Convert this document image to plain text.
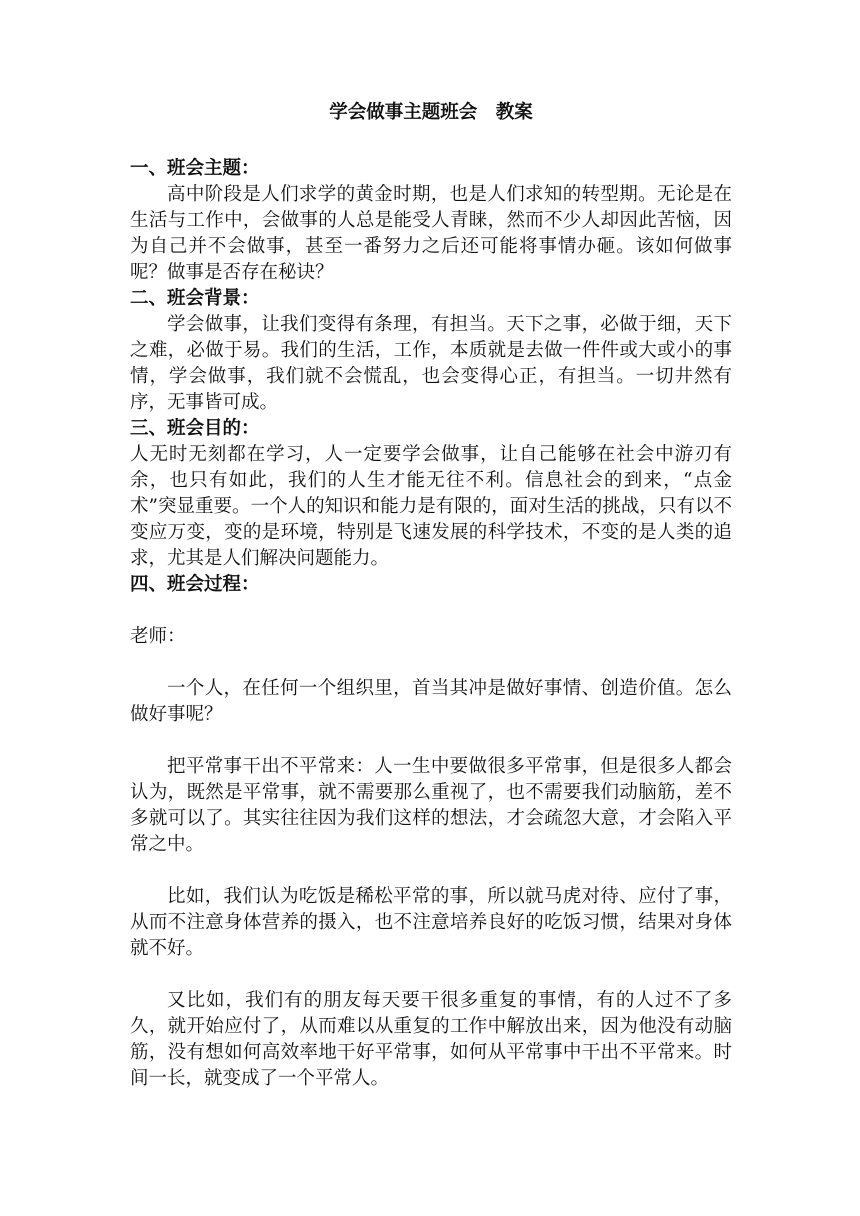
学会做事主题班会　教案
一、班会主题：

高中阶段是人们求学的黄金时期，也是人们求知的转型期。无论是在生活与工作中，会做事的人总是能受人青睐，然而不少人却因此苦恼，因为自己并不会做事，甚至一番努力之后还可能将事情办砸。该如何做事呢？做事是否存在秘诀？

二、班会背景：

学会做事，让我们变得有条理，有担当。天下之事，必做于细，天下之难，必做于易。我们的生活，工作，本质就是去做一件件或大或小的事情，学会做事，我们就不会慌乱，也会变得心正，有担当。一切井然有序，无事皆可成。

三、班会目的：

人无时无刻都在学习，人一定要学会做事，让自己能够在社会中游刃有余，也只有如此，我们的人生才能无往不利。信息社会的到来，“点金术”突显重要。一个人的知识和能力是有限的，面对生活的挑战，只有以不变应万变，变的是环境，特别是飞速发展的科学技术，不变的是人类的追求，尤其是人们解决问题能力。

四、班会过程：

老师：

一个人，在任何一个组织里，首当其冲是做好事情、创造价值。怎么做好事呢？

把平常事干出不平常来：人一生中要做很多平常事，但是很多人都会认为，既然是平常事，就不需要那么重视了，也不需要我们动脑筋，差不多就可以了。其实往往因为我们这样的想法，才会疏忽大意，才会陷入平常之中。

比如，我们认为吃饭是稀松平常的事，所以就马虎对待、应付了事，从而不注意身体营养的摄入，也不注意培养良好的吃饭习惯，结果对身体就不好。

又比如，我们有的朋友每天要干很多重复的事情，有的人过不了多久，就开始应付了，从而难以从重复的工作中解放出来，因为他没有动脑筋，没有想如何高效率地干好平常事，如何从平常事中干出不平常来。时间一长，就变成了一个平常人。
